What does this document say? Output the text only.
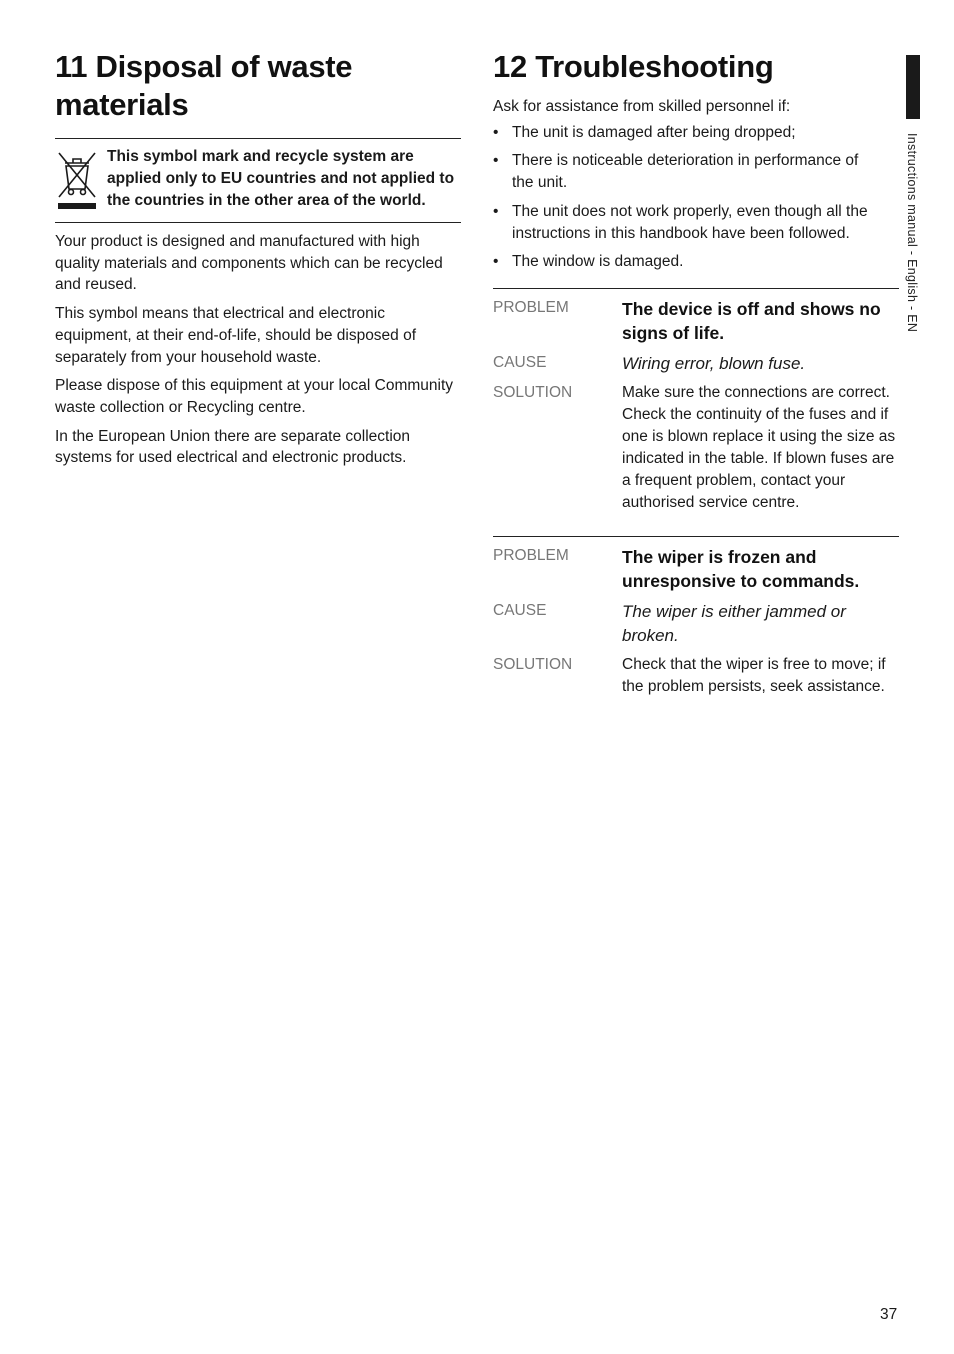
11 Disposal of waste materials
This symbol mark and recycle system are applied only to EU countries and not applied to the countries in the other area of the world.

Your product is designed and manufactured with high quality materials and components which can be recycled and reused.

This symbol means that electrical and electronic equipment, at their end-of-life, should be disposed of separately from your household waste.

Please dispose of this equipment at your local Community waste collection or Recycling centre.

In the European Union there are separate collection systems for used electrical and electronic products.

12 Troubleshooting

Ask for assistance from skilled personnel if:

• The unit is damaged after being dropped;
• There is noticeable deterioration in performance of the unit.
• The unit does not work properly, even though all the instructions in this handbook have been followed.
• The window is damaged.
PROBLEM	The device is off and shows no signs of life.
CAUSE	Wiring error, blown fuse.
SOLUTION	Make sure the connections are correct. Check the continuity of the fuses and if one is blown replace it using the size as indicated in the table. If blown fuses are a frequent problem, contact your authorised service centre.
PROBLEM	The wiper is frozen and unresponsive to commands.
CAUSE	The wiper is either jammed or broken.
SOLUTION	Check that the wiper is free to move; if the problem persists, seek assistance.
Instructions manual - English - EN
37
